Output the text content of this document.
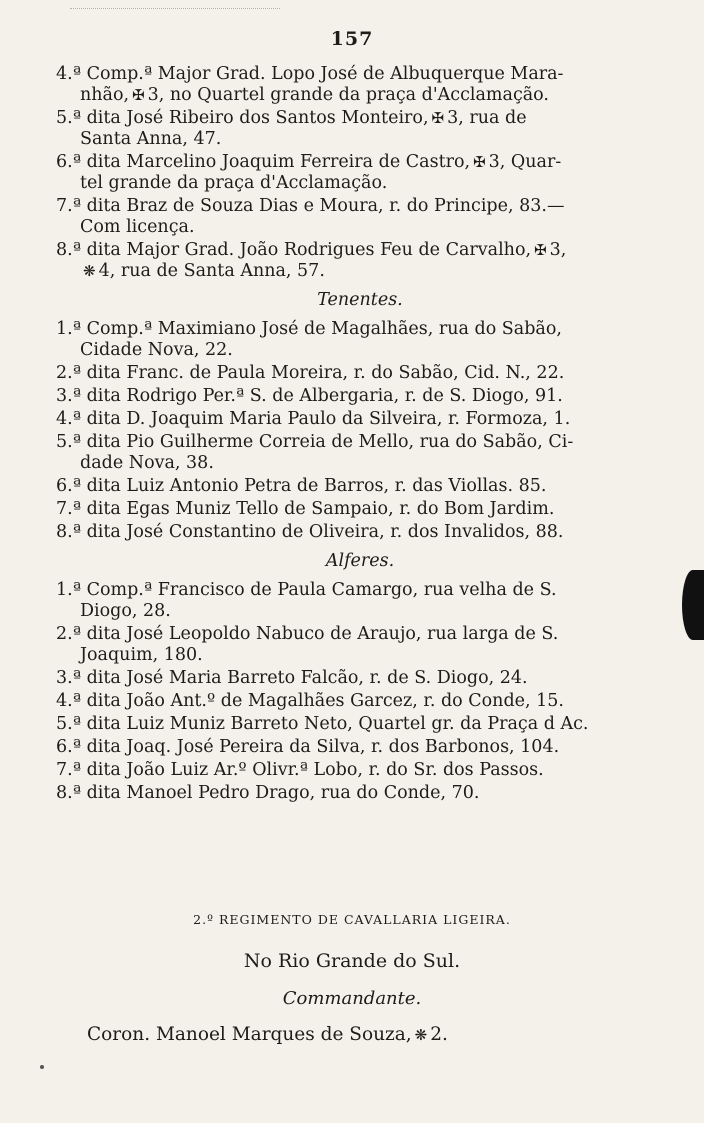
157
4.ª Comp.ª Major Grad. Lopo José de Albuquerque Mara-
nhão, ✠ 3, no Quartel grande da praça d'Acclamação.
5.ª dita José Ribeiro dos Santos Monteiro, ✠ 3, rua de
Santa Anna, 47.
6.ª dita Marcelino Joaquim Ferreira de Castro, ✠ 3, Quar-
tel grande da praça d'Acclamação.
7.ª dita Braz de Souza Dias e Moura, r. do Principe, 83.—
Com licença.
8.ª dita Major Grad. João Rodrigues Feu de Carvalho, ✠ 3,
❋ 4, rua de Santa Anna, 57.
Tenentes.
1.ª Comp.ª Maximiano José de Magalhães, rua do Sabão,
Cidade Nova, 22.
2.ª dita Franc. de Paula Moreira, r. do Sabão, Cid. N., 22.
3.ª dita Rodrigo Per.ª S. de Albergaria, r. de S. Diogo, 91.
4.ª dita D. Joaquim Maria Paulo da Silveira, r. Formoza, 1.
5.ª dita Pio Guilherme Correia de Mello, rua do Sabão, Ci-
dade Nova, 38.
6.ª dita Luiz Antonio Petra de Barros, r. das Viollas. 85.
7.ª dita Egas Muniz Tello de Sampaio, r. do Bom Jardim.
8.ª dita José Constantino de Oliveira, r. dos Invalidos, 88.
Alferes.
1.ª Comp.ª Francisco de Paula Camargo, rua velha de S.
Diogo, 28.
2.ª dita José Leopoldo Nabuco de Araujo, rua larga de S.
Joaquim, 180.
3.ª dita José Maria Barreto Falcão, r. de S. Diogo, 24.
4.ª dita João Ant.º de Magalhães Garcez, r. do Conde, 15.
5.ª dita Luiz Muniz Barreto Neto, Quartel gr. da Praça d Ac.
6.ª dita Joaq. José Pereira da Silva, r. dos Barbonos, 104.
7.ª dita João Luiz Ar.º Olivr.ª Lobo, r. do Sr. dos Passos.
8.ª dita Manoel Pedro Drago, rua do Conde, 70.
2.º REGIMENTO DE CAVALLARIA LIGEIRA.
No Rio Grande do Sul.
Commandante.
Coron. Manoel Marques de Souza, ❋ 2.
